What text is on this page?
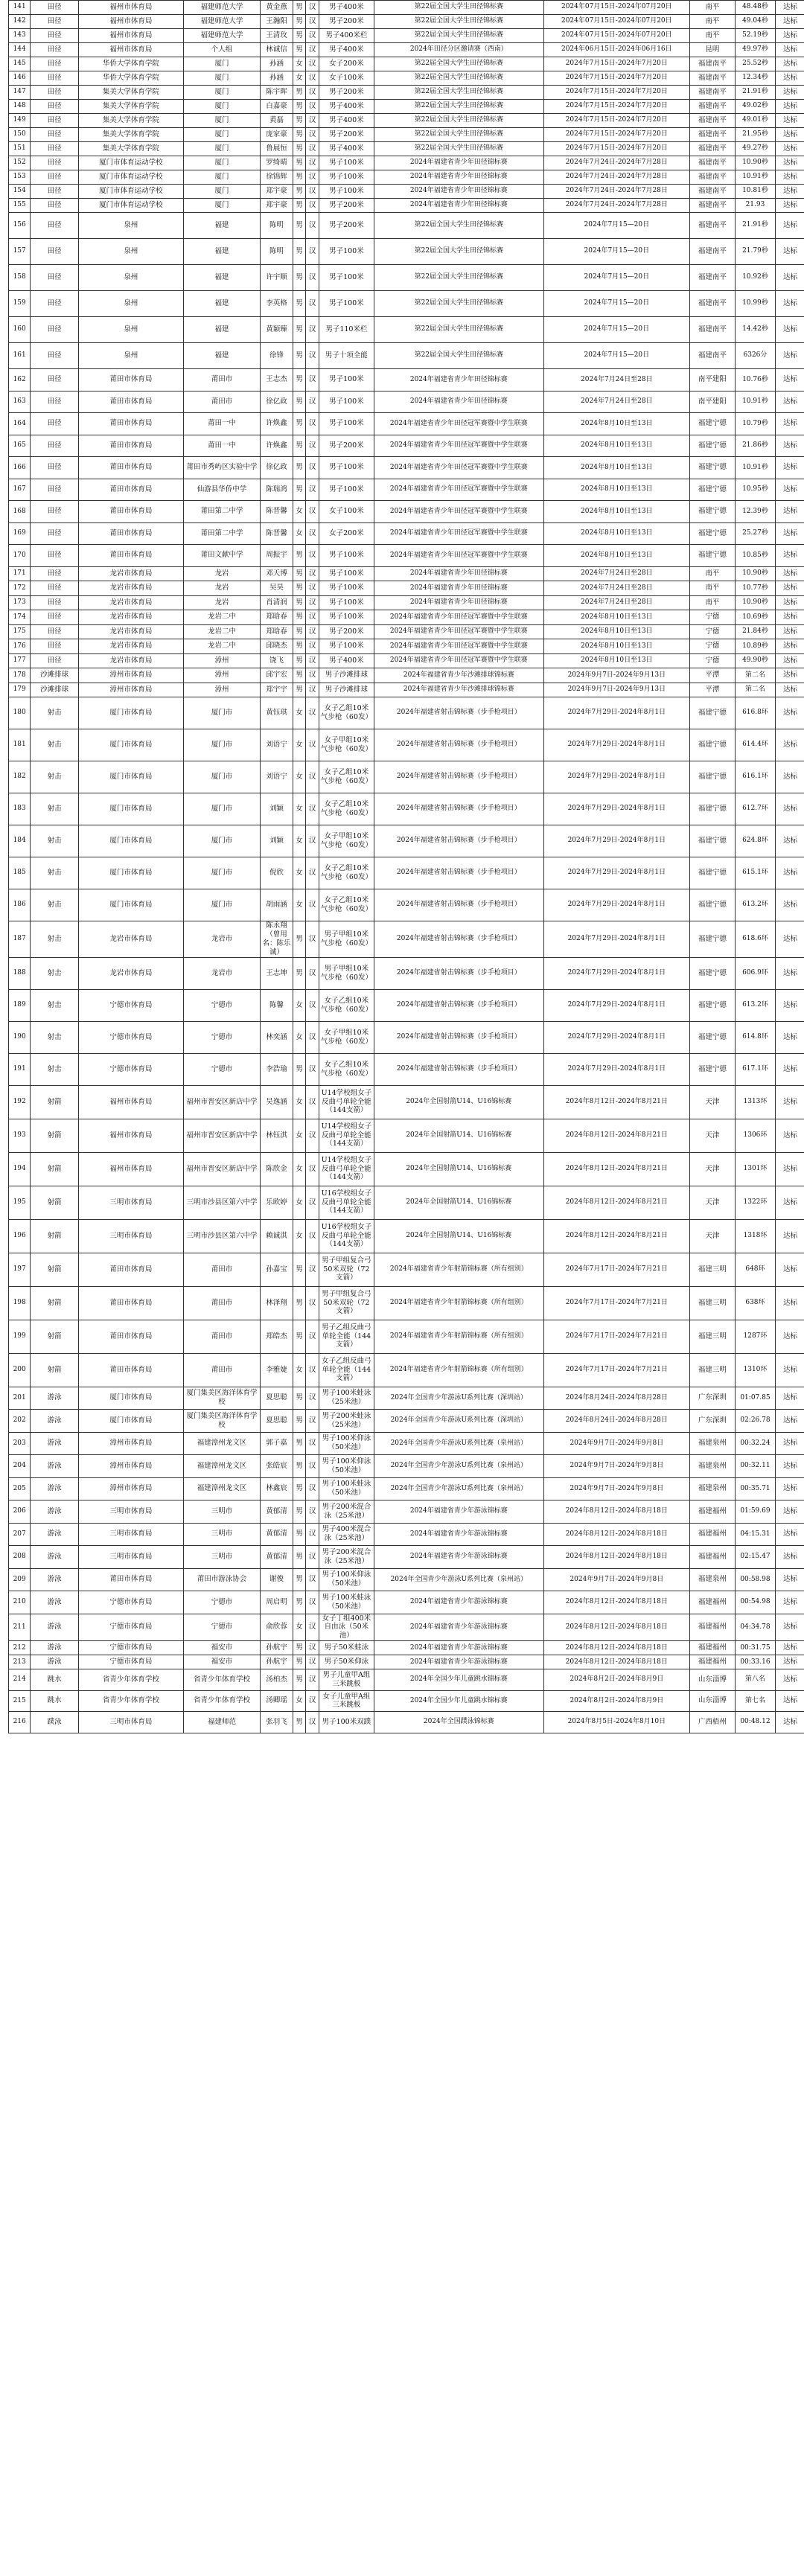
141	田径	福州市体育局	福建师范大学	黄金燕	男	汉	男子400米	第22届全国大学生田径锦标赛	2024年07月15日-2024年07月20日	南平	48.48秒	达标
142	田径	福州市体育局	福建师范大学	王瀚阳	男	汉	男子200米	第22届全国大学生田径锦标赛	2024年07月15日-2024年07月20日	南平	49.04秒	达标
143	田径	福州市体育局	福建师范大学	王清玫	男	汉	男子400米栏	第22届全国大学生田径锦标赛	2024年07月15日-2024年07月20日	南平	52.19秒	达标
144	田径	福州市体育局	个人组	林诚信	男	汉	男子400米	2024年田径分区邀请赛（西南）	2024年06月15日-2024年06月16日	昆明	49.97秒	达标
145	田径	华侨大学体育学院	厦门	孙涵	女	汉	女子200米	第22届全国大学生田径锦标赛	2024年7月15日-2024年7月20日	福建南平	25.52秒	达标
146	田径	华侨大学体育学院	厦门	孙涵	女	汉	女子100米	第22届全国大学生田径锦标赛	2024年7月15日-2024年7月20日	福建南平	12.34秒	达标
147	田径	集美大学体育学院	厦门	陈宇晖	男	汉	男子200米	第22届全国大学生田径锦标赛	2024年7月15日-2024年7月20日	福建南平	21.91秒	达标
148	田径	集美大学体育学院	厦门	白嘉豪	男	汉	男子400米	第22届全国大学生田径锦标赛	2024年7月15日-2024年7月20日	福建南平	49.02秒	达标
149	田径	集美大学体育学院	厦门	黄磊	男	汉	男子400米	第22届全国大学生田径锦标赛	2024年7月15日-2024年7月20日	福建南平	49.01秒	达标
150	田径	集美大学体育学院	厦门	庞家豪	男	汉	男子200米	第22届全国大学生田径锦标赛	2024年7月15日-2024年7月20日	福建南平	21.95秒	达标
151	田径	集美大学体育学院	厦门	鲁展恒	男	汉	男子400米	第22届全国大学生田径锦标赛	2024年7月15日-2024年7月20日	福建南平	49.27秒	达标
152	田径	厦门市体育运动学校	厦门	罗绮晴	男	汉	男子100米	2024年福建省青少年田径锦标赛	2024年7月24日-2024年7月28日	福建南平	10.90秒	达标
153	田径	厦门市体育运动学校	厦门	徐锦辉	男	汉	男子100米	2024年福建省青少年田径锦标赛	2024年7月24日-2024年7月28日	福建南平	10.91秒	达标
154	田径	厦门市体育运动学校	厦门	郑宇豪	男	汉	男子100米	2024年福建省青少年田径锦标赛	2024年7月24日-2024年7月28日	福建南平	10.81秒	达标
155	田径	厦门市体育运动学校	厦门	郑宇豪	男	汉	男子200米	2024年福建省青少年田径锦标赛	2024年7月24日-2024年7月28日	福建南平	21.93	达标
156	田径	泉州	福建	陈明	男	汉	男子200米	第22届全国大学生田径锦标赛	2024年7月15—20日	福建南平	21.91秒	达标
157	田径	泉州	福建	陈明	男	汉	男子100米	第22届全国大学生田径锦标赛	2024年7月15—20日	福建南平	21.79秒	达标
158	田径	泉州	福建	许宇顺	男	汉	男子100米	第22届全国大学生田径锦标赛	2024年7月15—20日	福建南平	10.92秒	达标
159	田径	泉州	福建	李英格	男	汉	男子100米	第22届全国大学生田径锦标赛	2024年7月15—20日	福建南平	10.99秒	达标
160	田径	泉州	福建	黄颖臻	男	汉	男子110米栏	第22届全国大学生田径锦标赛	2024年7月15—20日	福建南平	14.42秒	达标
161	田径	泉州	福建	徐锋	男	汉	男子十项全能	第22届全国大学生田径锦标赛	2024年7月15—20日	福建南平	6326分	达标
162	田径	莆田市体育局	莆田市	王志杰	男	汉	男子100米	2024年福建省青少年田径锦标赛	2024年7月24日至28日	南平建阳	10.76秒	达标
163	田径	莆田市体育局	莆田市	徐亿政	男	汉	男子100米	2024年福建省青少年田径锦标赛	2024年7月24日至28日	南平建阳	10.91秒	达标
164	田径	莆田市体育局	莆田一中	许焕鑫	男	汉	男子100米	2024年福建省青少年田径冠军赛暨中学生联赛	2024年8月10日至13日	福建宁德	10.79秒	达标
165	田径	莆田市体育局	莆田一中	许焕鑫	男	汉	男子200米	2024年福建省青少年田径冠军赛暨中学生联赛	2024年8月10日至13日	福建宁德	21.86秒	达标
166	田径	莆田市体育局	莆田市秀屿区实验中学	徐亿政	男	汉	男子100米	2024年福建省青少年田径冠军赛暨中学生联赛	2024年8月10日至13日	福建宁德	10.91秒	达标
167	田径	莆田市体育局	仙游县华侨中学	陈瑞鸿	男	汉	男子100米	2024年福建省青少年田径冠军赛暨中学生联赛	2024年8月10日至13日	福建宁德	10.95秒	达标
168	田径	莆田市体育局	莆田第二中学	陈晋馨	女	汉	女子100米	2024年福建省青少年田径冠军赛暨中学生联赛	2024年8月10日至13日	福建宁德	12.39秒	达标
169	田径	莆田市体育局	莆田第二中学	陈晋馨	女	汉	女子200米	2024年福建省青少年田径冠军赛暨中学生联赛	2024年8月10日至13日	福建宁德	25.27秒	达标
170	田径	莆田市体育局	莆田文献中学	周振宇	男	汉	男子100米	2024年福建省青少年田径冠军赛暨中学生联赛	2024年8月10日至13日	福建宁德	10.85秒	达标
171	田径	龙岩市体育局	龙岩	邓天博	男	汉	男子100米	2024年福建省青少年田径锦标赛	2024年7月24日至28日	南平	10.90秒	达标
172	田径	龙岩市体育局	龙岩	吴昊	男	汉	男子100米	2024年福建省青少年田径锦标赛	2024年7月24日至28日	南平	10.77秒	达标
173	田径	龙岩市体育局	龙岩	肖清润	男	汉	男子100米	2024年福建省青少年田径锦标赛	2024年7月24日至28日	南平	10.90秒	达标
174	田径	龙岩市体育局	龙岩二中	郑晗春	男	汉	男子100米	2024年福建省青少年田径冠军赛暨中学生联赛	2024年8月10日至13日	宁德	10.69秒	达标
175	田径	龙岩市体育局	龙岩二中	郑晗春	男	汉	男子200米	2024年福建省青少年田径冠军赛暨中学生联赛	2024年8月10日至13日	宁德	21.84秒	达标
176	田径	龙岩市体育局	龙岩二中	邱晓杰	男	汉	男子100米	2024年福建省青少年田径冠军赛暨中学生联赛	2024年8月10日至13日	宁德	10.89秒	达标
177	田径	龙岩市体育局	漳州	饶飞	男	汉	男子400米	2024年福建省青少年田径冠军赛暨中学生联赛	2024年8月10日至13日	宁德	49.90秒	达标
178	沙滩排球	漳州市体育局	漳州	邱宇宏	男	汉	男子沙滩排球	2024年福建省青少年沙滩排球锦标赛	2024年9月7日-2024年9月13日	平潭	第二名	达标
179	沙滩排球	漳州市体育局	漳州	郑宇宇	男	汉	男子沙滩排球	2024年福建省青少年沙滩排球锦标赛	2024年9月7日-2024年9月13日	平潭	第二名	达标
180	射击	厦门市体育局	厦门市	黄钰琪	女	汉	女子乙组10米气步枪（60发）	2024年福建省射击锦标赛（步手枪项目）	2024年7月29日-2024年8月1日	福建宁德	616.8环	达标
181	射击	厦门市体育局	厦门市	刘语宁	女	汉	女子甲组10米气步枪（60发）	2024年福建省射击锦标赛（步手枪项目）	2024年7月29日-2024年8月1日	福建宁德	614.4环	达标
182	射击	厦门市体育局	厦门市	刘语宁	女	汉	女子乙组10米气步枪（60发）	2024年福建省射击锦标赛（步手枪项目）	2024年7月29日-2024年8月1日	福建宁德	616.1环	达标
183	射击	厦门市体育局	厦门市	刘颖	女	汉	女子乙组10米气步枪（60发）	2024年福建省射击锦标赛（步手枪项目）	2024年7月29日-2024年8月1日	福建宁德	612.7环	达标
184	射击	厦门市体育局	厦门市	刘颖	女	汉	女子甲组10米气步枪（60发）	2024年福建省射击锦标赛（步手枪项目）	2024年7月29日-2024年8月1日	福建宁德	624.8环	达标
185	射击	厦门市体育局	厦门市	倪欣	女	汉	女子乙组10米气步枪（60发）	2024年福建省射击锦标赛（步手枪项目）	2024年7月29日-2024年8月1日	福建宁德	615.1环	达标
186	射击	厦门市体育局	厦门市	胡雨涵	女	汉	女子乙组10米气步枪（60发）	2024年福建省射击锦标赛（步手枪项目）	2024年7月29日-2024年8月1日	福建宁德	613.2环	达标
187	射击	龙岩市体育局	龙岩市	陈永翔（曾用名：陈乐诚）	男	汉	男子甲组10米气步枪（60发）	2024年福建省射击锦标赛（步手枪项目）	2024年7月29日-2024年8月1日	福建宁德	618.6环	达标
188	射击	龙岩市体育局	龙岩市	王志坤	男	汉	男子甲组10米气步枪（60发）	2024年福建省射击锦标赛（步手枪项目）	2024年7月29日-2024年8月1日	福建宁德	606.9环	达标
189	射击	宁德市体育局	宁德市	陈馨	女	汉	女子乙组10米气步枪（60发）	2024年福建省射击锦标赛（步手枪项目）	2024年7月29日-2024年8月1日	福建宁德	613.2环	达标
190	射击	宁德市体育局	宁德市	林奕涵	女	汉	女子甲组10米气步枪（60发）	2024年福建省射击锦标赛（步手枪项目）	2024年7月29日-2024年8月1日	福建宁德	614.8环	达标
191	射击	宁德市体育局	宁德市	李浩瑜	男	汉	女子乙组10米气步枪（60发）	2024年福建省射击锦标赛（步手枪项目）	2024年7月29日-2024年8月1日	福建宁德	617.1环	达标
192	射箭	福州市体育局	福州市晋安区新店中学	吴逸涵	女	汉	U14学校组女子反曲弓单轮全能（144支箭）	2024年全国射箭U14、U16锦标赛	2024年8月12日-2024年8月21日	天津	1313环	达标
193	射箭	福州市体育局	福州市晋安区新店中学	林钰淇	女	汉	U14学校组女子反曲弓单轮全能（144支箭）	2024年全国射箭U14、U16锦标赛	2024年8月12日-2024年8月21日	天津	1306环	达标
194	射箭	福州市体育局	福州市晋安区新店中学	陈欣金	女	汉	U14学校组女子反曲弓单轮全能（144支箭）	2024年全国射箭U14、U16锦标赛	2024年8月12日-2024年8月21日	天津	1301环	达标
195	射箭	三明市体育局	三明市沙县区第六中学	乐欧婷	女	汉	U16学校组女子反曲弓单轮全能（144支箭）	2024年全国射箭U14、U16锦标赛	2024年8月12日-2024年8月21日	天津	1322环	达标
196	射箭	三明市体育局	三明市沙县区第六中学	赖诚淇	女	汉	U16学校组女子反曲弓单轮全能（144支箭）	2024年全国射箭U14、U16锦标赛	2024年8月12日-2024年8月21日	天津	1318环	达标
197	射箭	莆田市体育局	莆田市	孙嘉宝	男	汉	男子甲组复合弓50米双轮（72支箭）	2024年福建省青少年射箭锦标赛（所有组别）	2024年7月17日-2024年7月21日	福建三明	648环	达标
198	射箭	莆田市体育局	莆田市	林泽翔	男	汉	男子甲组复合弓50米双轮（72支箭）	2024年福建省青少年射箭锦标赛（所有组别）	2024年7月17日-2024年7月21日	福建三明	638环	达标
199	射箭	莆田市体育局	莆田市	郑皓杰	男	汉	男子乙组反曲弓单轮全能（144支箭）	2024年福建省青少年射箭锦标赛（所有组别）	2024年7月17日-2024年7月21日	福建三明	1287环	达标
200	射箭	莆田市体育局	莆田市	李雅婕	女	汉	女子乙组反曲弓单轮全能（144支箭）	2024年福建省青少年射箭锦标赛（所有组别）	2024年7月17日-2024年7月21日	福建三明	1310环	达标
201	游泳	厦门市体育局	厦门集美区海洋体育学校	夏思聪	男	汉	男子100米蛙泳（25米池）	2024年全国青少年游泳U系列比赛（深圳站）	2024年8月24日-2024年8月28日	广东深圳	01:07.85	达标
202	游泳	厦门市体育局	厦门集美区海洋体育学校	夏思聪	男	汉	男子200米蛙泳（25米池）	2024年全国青少年游泳U系列比赛（深圳站）	2024年8月24日-2024年8月28日	广东深圳	02:26.78	达标
203	游泳	漳州市体育局	福建漳州龙文区	郭子嘉	男	汉	男子100米仰泳（50米池）	2024年全国青少年游泳U系列比赛（泉州站）	2024年9月7日-2024年9月8日	福建泉州	00:32.24	达标
204	游泳	漳州市体育局	福建漳州龙文区	张皓宸	男	汉	男子100米仰泳（50米池）	2024年全国青少年游泳U系列比赛（泉州站）	2024年9月7日-2024年9月8日	福建泉州	00:32.11	达标
205	游泳	漳州市体育局	福建漳州龙文区	林鑫宸	男	汉	男子100米蛙泳（50米池）	2024年全国青少年游泳U系列比赛（泉州站）	2024年9月7日-2024年9月8日	福建泉州	00:35.71	达标
206	游泳	三明市体育局	三明市	黄郁清	男	汉	男子200米混合泳（25米池）	2024年福建省青少年游泳锦标赛	2024年8月12日-2024年8月18日	福建福州	01:59.69	达标
207	游泳	三明市体育局	三明市	黄郁清	男	汉	男子400米混合泳（25米池）	2024年福建省青少年游泳锦标赛	2024年8月12日-2024年8月18日	福建福州	04:15.31	达标
208	游泳	三明市体育局	三明市	黄郁清	男	汉	男子200米混合泳（25米池）	2024年福建省青少年游泳锦标赛	2024年8月12日-2024年8月18日	福建福州	02:15.47	达标
209	游泳	莆田市体育局	莆田市游泳协会	谢俊	男	汉	男子100米仰泳（50米池）	2024年全国青少年游泳U系列比赛（泉州站）	2024年9月7日-2024年9月8日	福建泉州	00:58.98	达标
210	游泳	宁德市体育局	宁德市	周启明	男	汉	男子100米蛙泳（50米池）	2024年福建省青少年游泳锦标赛	2024年8月12日-2024年8月18日	福建福州	00:54.98	达标
211	游泳	宁德市体育局	宁德市	俞欣蓉	女	汉	女子丁组400米自由泳（50米池）	2024年福建省青少年游泳锦标赛	2024年8月12日-2024年8月18日	福建福州	04:34.78	达标
212	游泳	宁德市体育局	福安市	孙航宇	男	汉	男子50米蛙泳	2024年福建省青少年游泳锦标赛	2024年8月12日-2024年8月18日	福建福州	00:31.75	达标
213	游泳	宁德市体育局	福安市	孙航宇	男	汉	男子50米仰泳	2024年福建省青少年游泳锦标赛	2024年8月12日-2024年8月18日	福建福州	00:33.16	达标
214	跳水	省青少年体育学校	省青少年体育学校	汤柏杰	男	汉	男子儿童甲A组三米跳板	2024年全国少年儿童跳水锦标赛	2024年8月2日-2024年8月9日	山东淄博	第八名	达标
215	跳水	省青少年体育学校	省青少年体育学校	汤卿瑶	女	汉	女子儿童甲A组三米跳板	2024年全国少年儿童跳水锦标赛	2024年8月2日-2024年8月9日	山东淄博	第七名	达标
216	蹼泳	三明市体育局	福建师范	张羽飞	男	汉	男子100米双蹼	2024年全国蹼泳锦标赛	2024年8月5日-2024年8月10日	广西梧州	00:48.12	达标
